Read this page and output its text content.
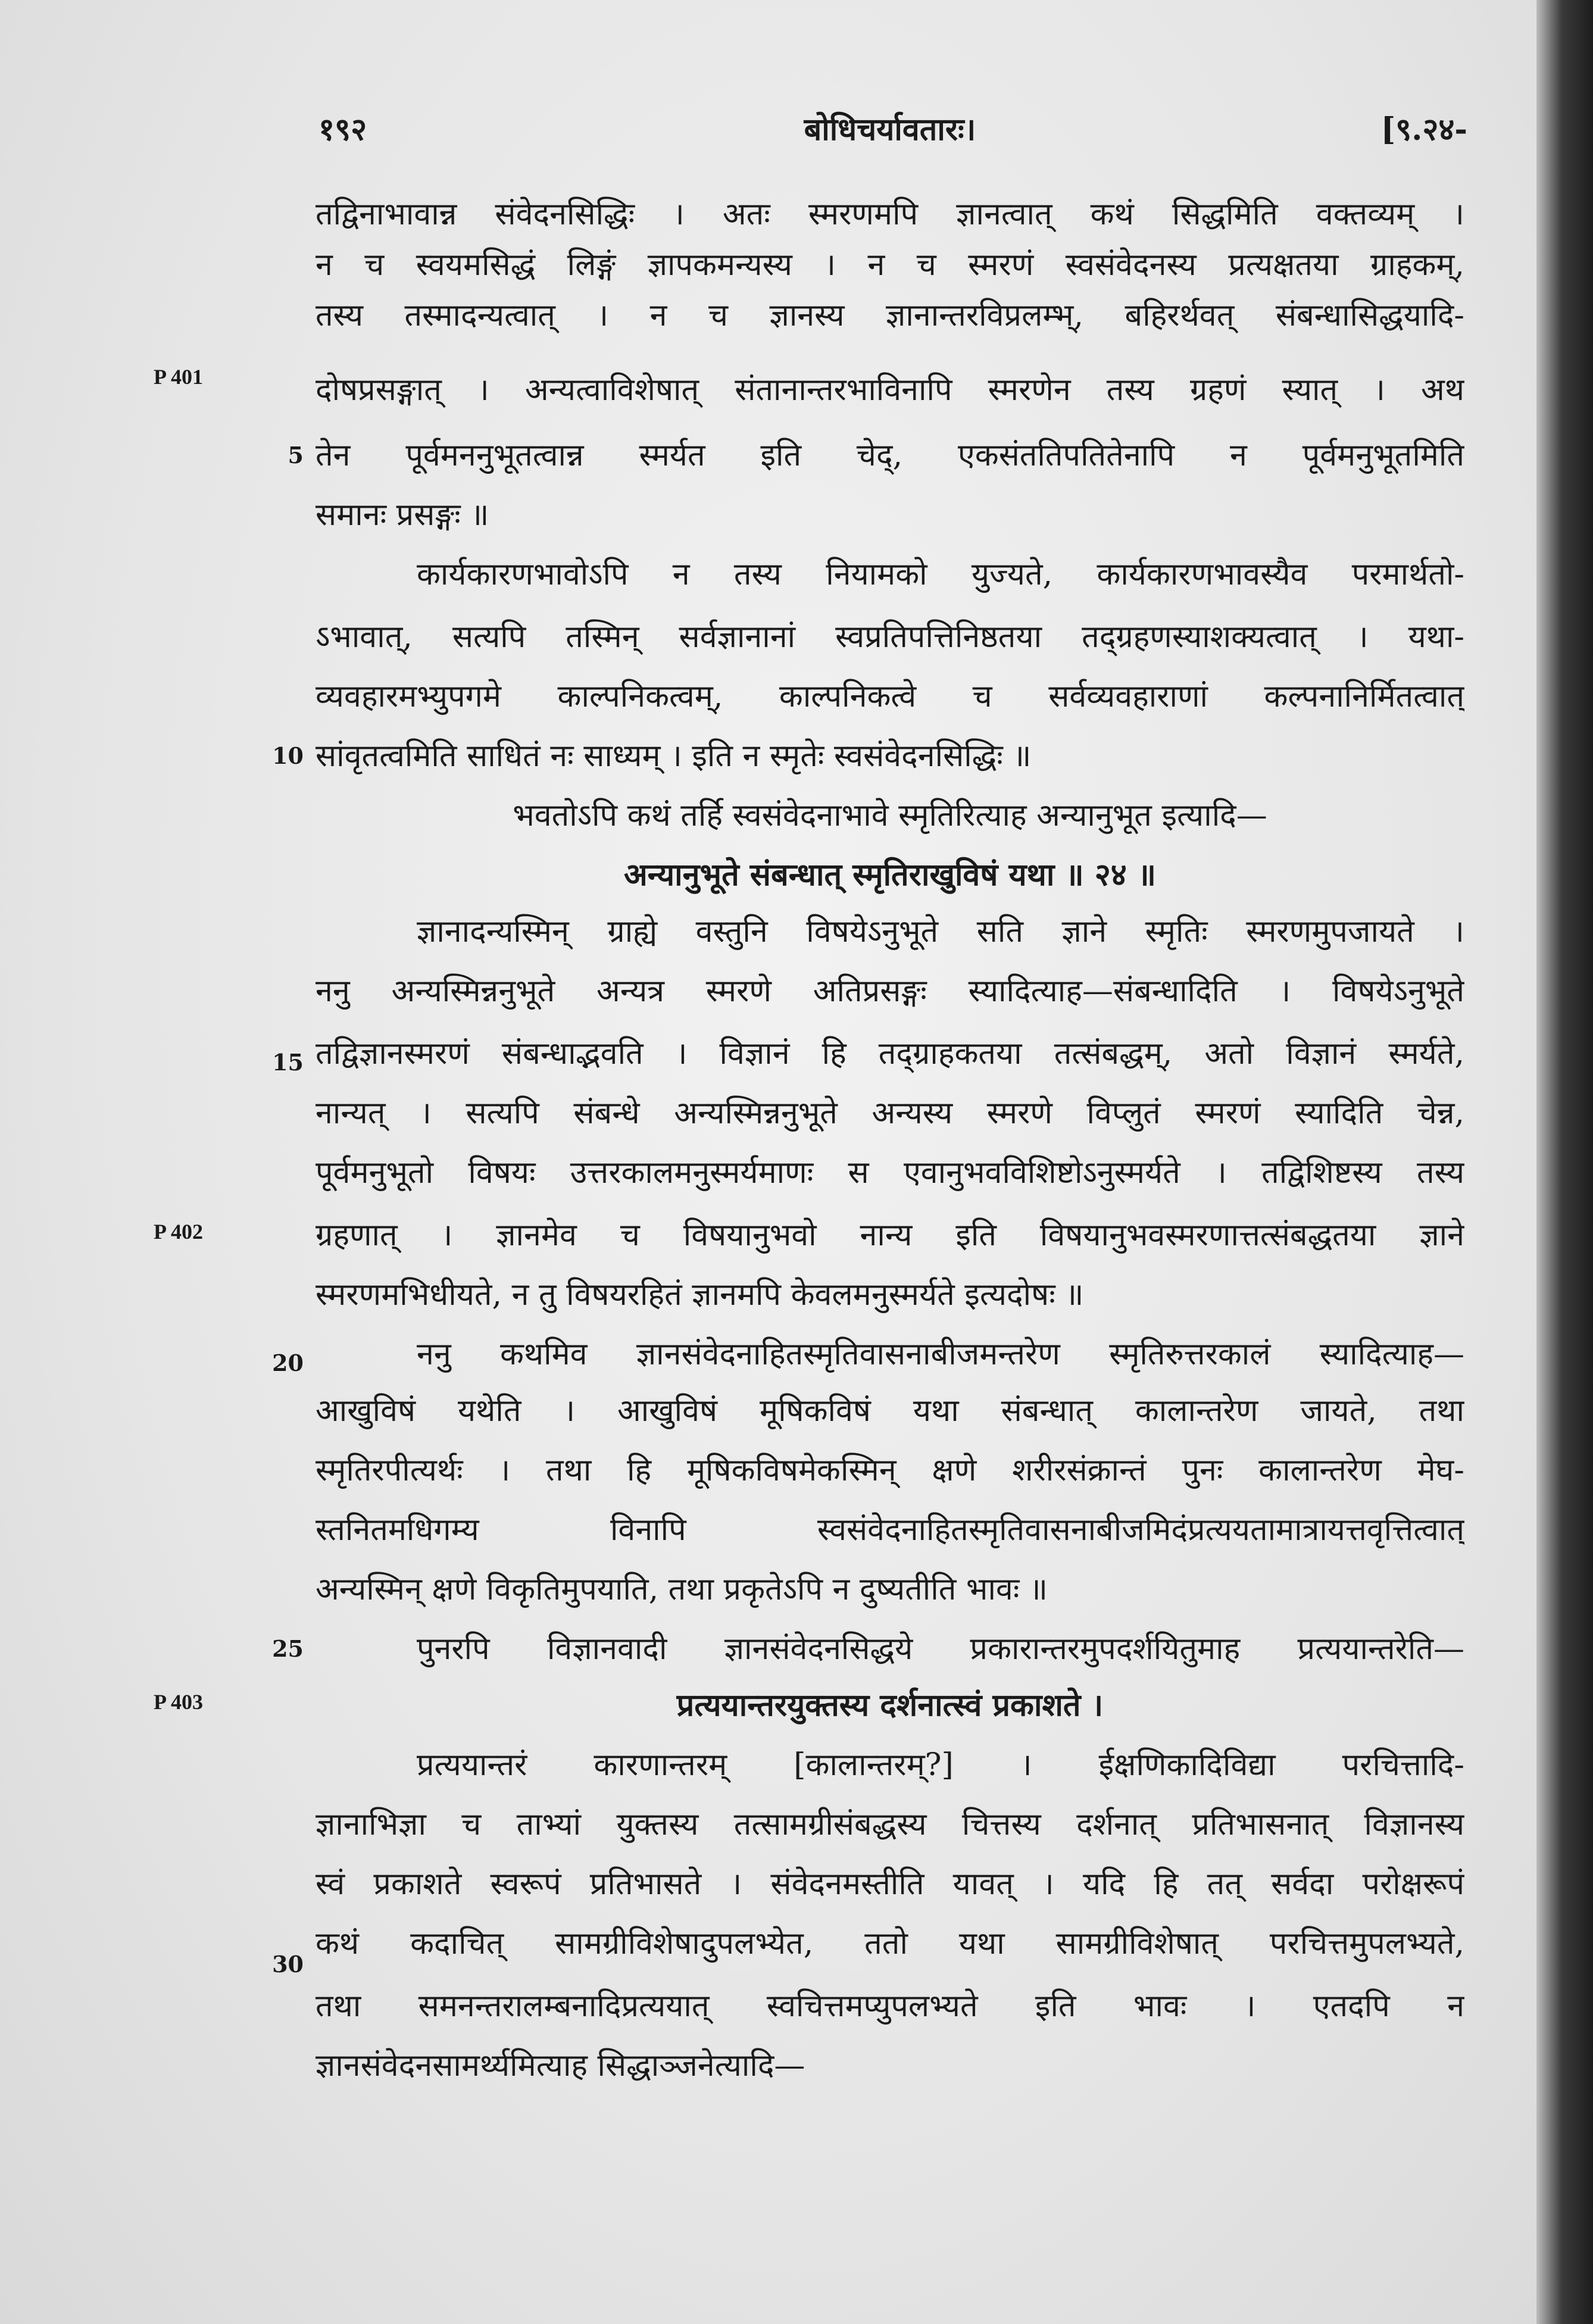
१९२	बोधिचर्यावतारः।	[९.२४-
P 401
P 402
P 403
5
10
15
20
25
30
तद्विनाभावान्न संवेदनसिद्धिः । अतः स्मरणमपि ज्ञानत्वात् कथं सिद्धमिति वक्तव्यम् ।
न च स्वयमसिद्धं लिङ्गं ज्ञापकमन्यस्य । न च स्मरणं स्वसंवेदनस्य प्रत्यक्षतया ग्राहकम्,
तस्य तस्मादन्यत्वात् । न च ज्ञानस्य ज्ञानान्तरविप्रलम्भ्, बहिरर्थवत् संबन्धासिद्धयादि-
दोषप्रसङ्गात् । अन्यत्वाविशेषात् संतानान्तरभाविनापि स्मरणेन तस्य ग्रहणं स्यात् । अथ
तेन पूर्वमननुभूतत्वान्न स्मर्यत इति चेद्, एकसंततिपतितेनापि न पूर्वमनुभूतमिति
समानः प्रसङ्गः ॥
कार्यकारणभावोऽपि न तस्य नियामको युज्यते, कार्यकारणभावस्यैव परमार्थतो-
ऽभावात्, सत्यपि तस्मिन् सर्वज्ञानानां स्वप्रतिपत्तिनिष्ठतया तद्ग्रहणस्याशक्यत्वात् । यथा-
व्यवहारमभ्युपगमे काल्पनिकत्वम्, काल्पनिकत्वे च सर्वव्यवहाराणां कल्पनानिर्मितत्वात्
सांवृतत्वमिति साधितं नः साध्यम् । इति न स्मृतेः स्वसंवेदनसिद्धिः ॥
भवतोऽपि कथं तर्हि स्वसंवेदनाभावे स्मृतिरित्याह अन्यानुभूत इत्यादि—
अन्यानुभूते संबन्धात् स्मृतिराखुविषं यथा ॥ २४ ॥
ज्ञानादन्यस्मिन् ग्राह्ये वस्तुनि विषयेऽनुभूते सति ज्ञाने स्मृतिः स्मरणमुपजायते ।
ननु अन्यस्मिन्ननुभूते अन्यत्र स्मरणे अतिप्रसङ्गः स्यादित्याह—संबन्धादिति । विषयेऽनुभूते
तद्विज्ञानस्मरणं संबन्धाद्भवति । विज्ञानं हि तद्ग्राहकतया तत्संबद्धम्, अतो विज्ञानं स्मर्यते,
नान्यत् । सत्यपि संबन्धे अन्यस्मिन्ननुभूते अन्यस्य स्मरणे विप्लुतं स्मरणं स्यादिति चेन्न,
पूर्वमनुभूतो विषयः उत्तरकालमनुस्मर्यमाणः स एवानुभवविशिष्टोऽनुस्मर्यते । तद्विशिष्टस्य तस्य
ग्रहणात् । ज्ञानमेव च विषयानुभवो नान्य इति विषयानुभवस्मरणात्तत्संबद्धतया ज्ञाने
स्मरणमभिधीयते, न तु विषयरहितं ज्ञानमपि केवलमनुस्मर्यते इत्यदोषः ॥
ननु कथमिव ज्ञानसंवेदनाहितस्मृतिवासनाबीजमन्तरेण स्मृतिरुत्तरकालं स्यादित्याह—
आखुविषं यथेति । आखुविषं मूषिकविषं यथा संबन्धात् कालान्तरेण जायते, तथा
स्मृतिरपीत्यर्थः । तथा हि मूषिकविषमेकस्मिन् क्षणे शरीरसंक्रान्तं पुनः कालान्तरेण मेघ-
स्तनितमधिगम्य विनापि स्वसंवेदनाहितस्मृतिवासनाबीजमिदंप्रत्ययतामात्रायत्तवृत्तित्वात्
अन्यस्मिन् क्षणे विकृतिमुपयाति, तथा प्रकृतेऽपि न दुष्यतीति भावः ॥
पुनरपि विज्ञानवादी ज्ञानसंवेदनसिद्धये प्रकारान्तरमुपदर्शयितुमाह प्रत्ययान्तरेति—
प्रत्ययान्तरयुक्तस्य दर्शनात्स्वं प्रकाशते ।
प्रत्ययान्तरं कारणान्तरम् [कालान्तरम्?] । ईक्षणिकादिविद्या परचित्तादि-
ज्ञानाभिज्ञा च ताभ्यां युक्तस्य तत्सामग्रीसंबद्धस्य चित्तस्य दर्शनात् प्रतिभासनात् विज्ञानस्य
स्वं प्रकाशते स्वरूपं प्रतिभासते । संवेदनमस्तीति यावत् । यदि हि तत् सर्वदा परोक्षरूपं
कथं कदाचित् सामग्रीविशेषादुपलभ्येत, ततो यथा सामग्रीविशेषात् परचित्तमुपलभ्यते,
तथा समनन्तरालम्बनादिप्रत्ययात् स्वचित्तमप्युपलभ्यते इति भावः । एतदपि न
ज्ञानसंवेदनसामर्थ्यमित्याह सिद्धाञ्जनेत्यादि—
